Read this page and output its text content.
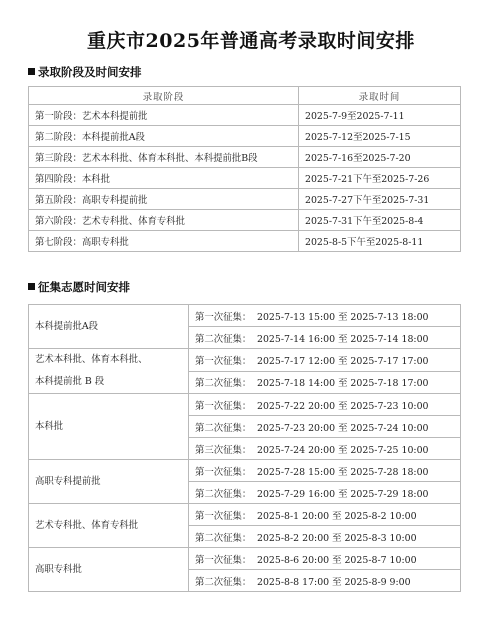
重庆市2025年普通高考录取时间安排
录取阶段及时间安排
录取阶段	录取时间
第一阶段：艺术本科提前批	2025-7-9至2025-7-11
第二阶段：本科提前批A段	2025-7-12至2025-7-15
第三阶段：艺术本科批、体育本科批、本科提前批B段	2025-7-16至2025-7-20
第四阶段：本科批	2025-7-21下午至2025-7-26
第五阶段：高职专科提前批	2025-7-27下午至2025-7-31
第六阶段：艺术专科批、体育专科批	2025-7-31下午至2025-8-4
第七阶段：高职专科批	2025-8-5下午至2025-8-11
征集志愿时间安排
本科提前批A段	第一次征集： 2025-7-13 15:00 至 2025-7-13 18:00
	第二次征集： 2025-7-14 16:00 至 2025-7-14 18:00
艺术本科批、体育本科批、
本科提前批 B 段	第一次征集： 2025-7-17 12:00 至 2025-7-17 17:00
	第二次征集： 2025-7-18 14:00 至 2025-7-18 17:00
本科批	第一次征集： 2025-7-22 20:00 至 2025-7-23 10:00
	第二次征集： 2025-7-23 20:00 至 2025-7-24 10:00
	第三次征集： 2025-7-24 20:00 至 2025-7-25 10:00
高职专科提前批	第一次征集： 2025-7-28 15:00 至 2025-7-28 18:00
	第二次征集： 2025-7-29 16:00 至 2025-7-29 18:00
艺术专科批、体育专科批	第一次征集： 2025-8-1 20:00 至 2025-8-2 10:00
	第二次征集： 2025-8-2 20:00 至 2025-8-3 10:00
高职专科批	第一次征集： 2025-8-6 20:00 至 2025-8-7 10:00
	第二次征集： 2025-8-8 17:00 至 2025-8-9 9:00
